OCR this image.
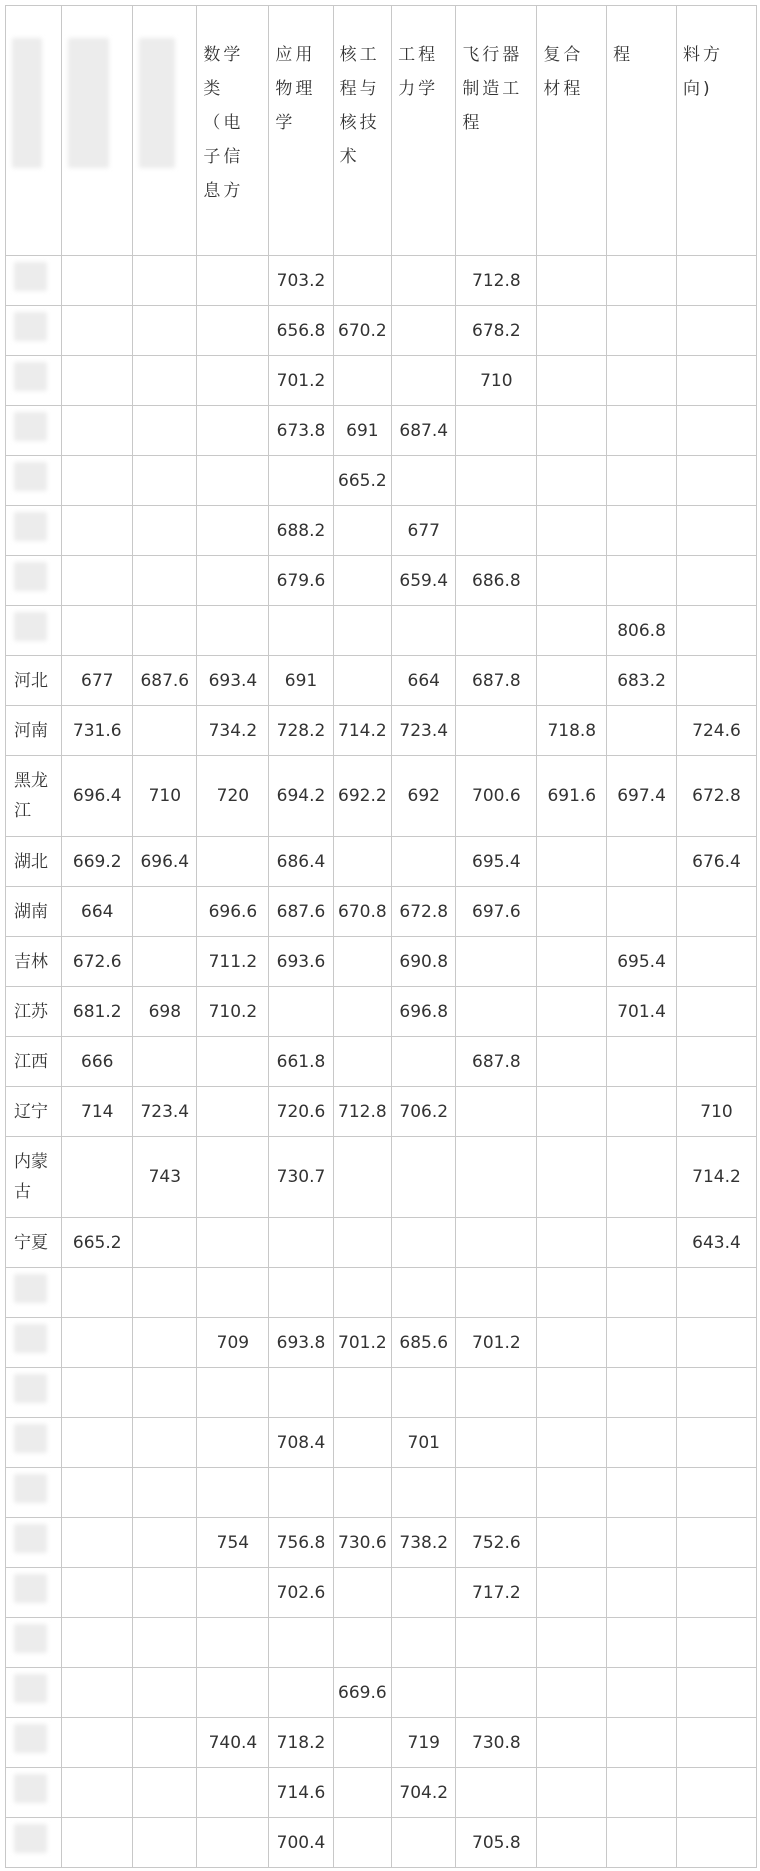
			数学类（电子信息方	应用物理学	核工程与核技术	工程力学	飞行器制造工程	复合材程	程	料方向)
				703.2			712.8			
				656.8	670.2		678.2			
				701.2			710			
				673.8	691	687.4				
					665.2					
				688.2		677				
				679.6		659.4	686.8			
									806.8	
河北	677	687.6	693.4	691		664	687.8		683.2	
河南	731.6		734.2	728.2	714.2	723.4		718.8		724.6
黑龙江	696.4	710	720	694.2	692.2	692	700.6	691.6	697.4	672.8
湖北	669.2	696.4		686.4			695.4			676.4
湖南	664		696.6	687.6	670.8	672.8	697.6			
吉林	672.6		711.2	693.6		690.8			695.4	
江苏	681.2	698	710.2			696.8			701.4	
江西	666			661.8			687.8			
辽宁	714	723.4		720.6	712.8	706.2				710
内蒙古		743		730.7						714.2
宁夏	665.2									643.4

			709	693.8	701.2	685.6	701.2			

				708.4		701				

			754	756.8	730.6	738.2	752.6			
				702.6			717.2			

					669.6					
			740.4	718.2		719	730.8			
				714.6		704.2				
				700.4			705.8			
